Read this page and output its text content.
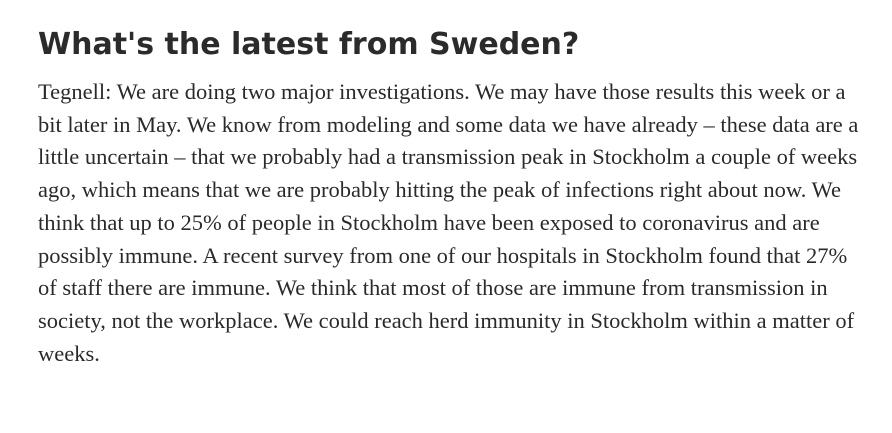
What's the latest from Sweden?

Tegnell: We are doing two major investigations. We may have those results this week or a bit later in May. We know from modeling and some data we have already – these data are a little uncertain – that we probably had a transmission peak in Stockholm a couple of weeks ago, which means that we are probably hitting the peak of infections right about now. We think that up to 25% of people in Stockholm have been exposed to coronavirus and are possibly immune. A recent survey from one of our hospitals in Stockholm found that 27% of staff there are immune. We think that most of those are immune from transmission in society, not the workplace. We could reach herd immunity in Stockholm within a matter of weeks.
